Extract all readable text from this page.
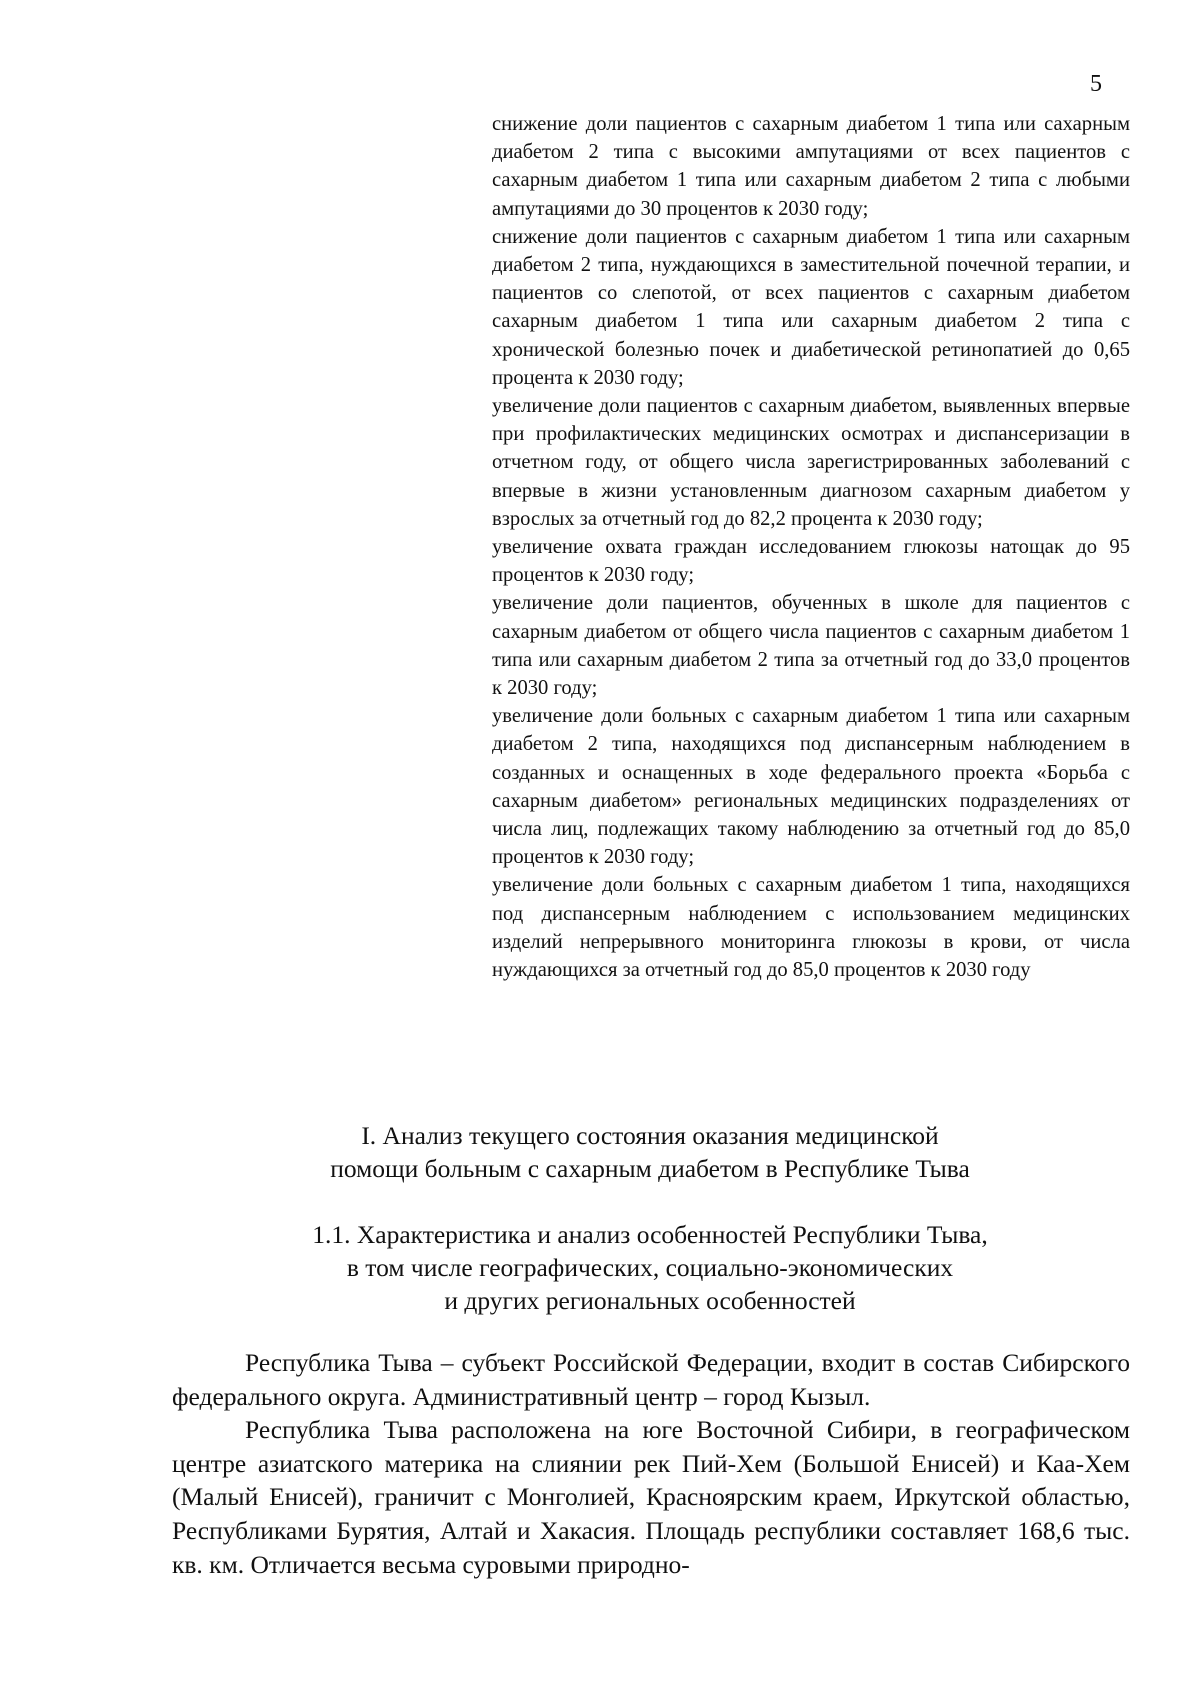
5

снижение доли пациентов с сахарным диабетом 1 типа или сахарным диабетом 2 типа с высокими ампутациями от всех пациентов с сахарным диабетом 1 типа или сахарным диабетом 2 типа с любыми ампутациями до 30 процентов к 2030 году;

снижение доли пациентов с сахарным диабетом 1 типа или сахарным диабетом 2 типа, нуждающихся в заместительной почечной терапии, и пациентов со слепотой, от всех пациентов с сахарным диабетом сахарным диабетом 1 типа или сахарным диабетом 2 типа с хронической болезнью почек и диабетической ретинопатией до 0,65 процента к 2030 году;

увеличение доли пациентов с сахарным диабетом, выявленных впервые при профилактических медицинских осмотрах и диспансеризации в отчетном году, от общего числа зарегистрированных заболеваний с впервые в жизни установленным диагнозом сахарным диабетом у взрослых за отчетный год до 82,2 процента к 2030 году;

увеличение охвата граждан исследованием глюкозы натощак до 95 процентов к 2030 году;

увеличение доли пациентов, обученных в школе для пациентов с сахарным диабетом от общего числа пациентов с сахарным диабетом 1 типа или сахарным диабетом 2 типа за отчетный год до 33,0 процентов к 2030 году;

увеличение доли больных с сахарным диабетом 1 типа или сахарным диабетом 2 типа, находящихся под диспансерным наблюдением в созданных и оснащенных в ходе федерального проекта «Борьба с сахарным диабетом» региональных медицинских подразделениях от числа лиц, подлежащих такому наблюдению за отчетный год до 85,0 процентов к 2030 году;

увеличение доли больных с сахарным диабетом 1 типа, находящихся под диспансерным наблюдением с использованием медицинских изделий непрерывного мониторинга глюкозы в крови, от числа нуждающихся за отчетный год до 85,0 процентов к 2030 году

I. Анализ текущего состояния оказания медицинской

помощи больным с сахарным диабетом в Республике Тыва

1.1. Характеристика и анализ особенностей Республики Тыва,

в том числе географических, социально-экономических

и других региональных особенностей

Республика Тыва – субъект Российской Федерации, входит в состав Сибирского федерального округа. Административный центр – город Кызыл.

Республика Тыва расположена на юге Восточной Сибири, в географическом центре азиатского материка на слиянии рек Пий-Хем (Большой Енисей) и Каа-Хем (Малый Енисей), граничит с Монголией, Красноярским краем, Иркутской областью, Республиками Бурятия, Алтай и Хакасия. Площадь республики составляет 168,6 тыс. кв. км. Отличается весьма суровыми природно-
